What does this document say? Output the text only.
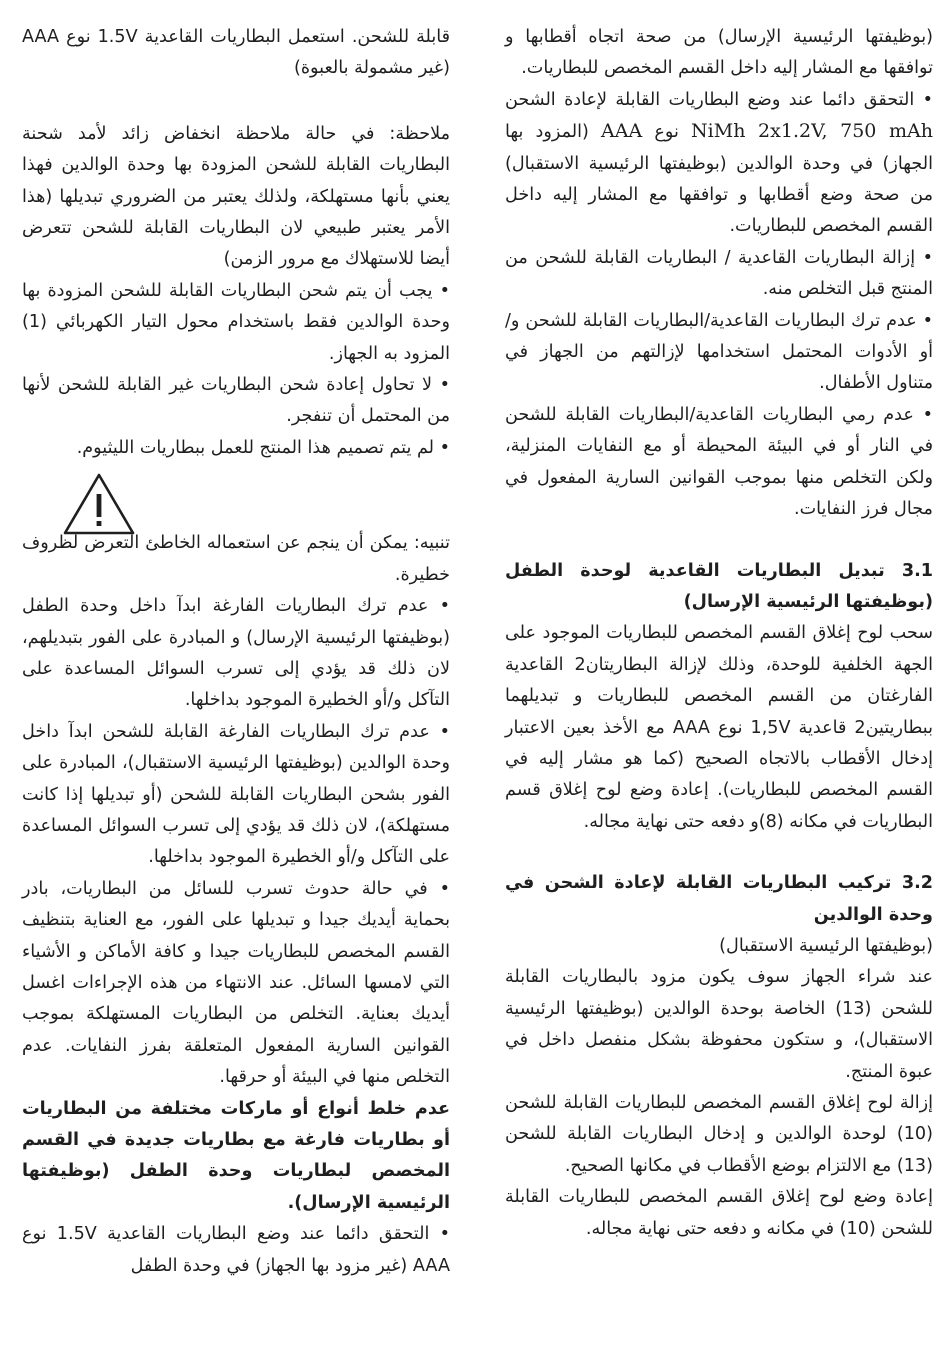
(بوظيفتها الرئيسية الإرسال) من صحة اتجاه أقطابها و توافقها مع المشار إليه داخل القسم المخصص للبطاريات.

• التحقق دائما عند وضع البطاريات القابلة لإعادة الشحن NiMh 2x1.2V, 750 mAh نوع AAA (المزود بها الجهاز) في وحدة الوالدين (بوظيفتها الرئيسية الاستقبال) من صحة وضع أقطابها و توافقها مع المشار إليه داخل القسم المخصص للبطاريات.

• إزالة البطاريات القاعدية / البطاريات القابلة للشحن من المنتج قبل التخلص منه.

• عدم ترك البطاريات القاعدية/البطاريات القابلة للشحن و/أو الأدوات المحتمل استخدامها لإزالتهم من الجهاز في متناول الأطفال.

• عدم رمي البطاريات القاعدية/البطاريات القابلة للشحن في النار أو في البيئة المحيطة أو مع النفايات المنزلية، ولكن التخلص منها بموجب القوانين السارية المفعول في مجال فرز النفايات.

3.1 تبديل البطاريات القاعدية لوحدة الطفل (بوظيفتها الرئيسية الإرسال)

سحب لوح إغلاق القسم المخصص للبطاريات الموجود على الجهة الخلفية للوحدة، وذلك لإزالة البطاريتان2 القاعدية الفارغتان من القسم المخصص للبطاريات و تبديلهما ببطاريتين2 قاعدية 1,5V نوع AAA مع الأخذ بعين الاعتبار إدخال الأقطاب بالاتجاه الصحيح (كما هو مشار إليه في القسم المخصص للبطاريات). إعادة وضع لوح إغلاق قسم البطاريات في مكانه (8)و دفعه حتى نهاية مجاله.

3.2 تركيب البطاريات القابلة لإعادة الشحن في وحدة الوالدين

(بوظيفتها الرئيسية الاستقبال)

عند شراء الجهاز سوف يكون مزود بالبطاريات القابلة للشحن (13) الخاصة بوحدة الوالدين (بوظيفتها الرئيسية الاستقبال)، و ستكون محفوظة بشكل منفصل داخل في عبوة المنتج.

إزالة لوح إغلاق القسم المخصص للبطاريات القابلة للشحن (10) لوحدة الوالدين و إدخال البطاريات القابلة للشحن (13) مع الالتزام بوضع الأقطاب في مكانها الصحيح.

إعادة وضع لوح إغلاق القسم المخصص للبطاريات القابلة للشحن (10) في مكانه و دفعه حتى نهاية مجاله.

قابلة للشحن. استعمل البطاريات القاعدية 1.5V نوع AAA (غير مشمولة بالعبوة)

ملاحظة: في حالة ملاحظة انخفاض زائد لأمد شحنة البطاريات القابلة للشحن المزودة بها وحدة الوالدين فهذا يعني بأنها مستهلكة، ولذلك يعتبر من الضروري تبديلها (هذا الأمر يعتبر طبيعي لان البطاريات القابلة للشحن تتعرض أيضا للاستهلاك مع مرور الزمن)

• يجب أن يتم شحن البطاريات القابلة للشحن المزودة بها وحدة الوالدين فقط باستخدام محول التيار الكهربائي (1) المزود به الجهاز.

• لا تحاول إعادة شحن البطاريات غير القابلة للشحن لأنها من المحتمل أن تنفجر.

• لم يتم تصميم هذا المنتج للعمل ببطاريات الليثيوم.

تنبيه: يمكن أن ينجم عن استعماله الخاطئ التعرض لظروف خطيرة.

• عدم ترك البطاريات الفارغة ابدآ داخل وحدة الطفل (بوظيفتها الرئيسية الإرسال) و المبادرة على الفور بتبديلهم، لان ذلك قد يؤدي إلى تسرب السوائل المساعدة على التآكل و/أو الخطيرة الموجود بداخلها.

• عدم ترك البطاريات الفارغة القابلة للشحن ابدآ داخل وحدة الوالدين (بوظيفتها الرئيسية الاستقبال)، المبادرة على الفور بشحن البطاريات القابلة للشحن (أو تبديلها إذا كانت مستهلكة)، لان ذلك قد يؤدي إلى تسرب السوائل المساعدة على التآكل و/أو الخطيرة الموجود بداخلها.

• في حالة حدوث تسرب للسائل من البطاريات، بادر بحماية أيديك جيدا و تبديلها على الفور، مع العناية بتنظيف القسم المخصص للبطاريات جيدا و كافة الأماكن و الأشياء التي لامسها السائل. عند الانتهاء من هذه الإجراءات اغسل أيديك بعناية. التخلص من البطاريات المستهلكة بموجب القوانين السارية المفعول المتعلقة بفرز النفايات. عدم التخلص منها في البيئة أو حرقها.

عدم خلط أنواع أو ماركات مختلفة من البطاريات أو بطاريات فارغة مع بطاريات جديدة في القسم المخصص لبطاريات وحدة الطفل (بوظيفتها الرئيسية الإرسال).

• التحقق دائما عند وضع البطاريات القاعدية 1.5V نوع AAA (غير مزود بها الجهاز) في وحدة الطفل
